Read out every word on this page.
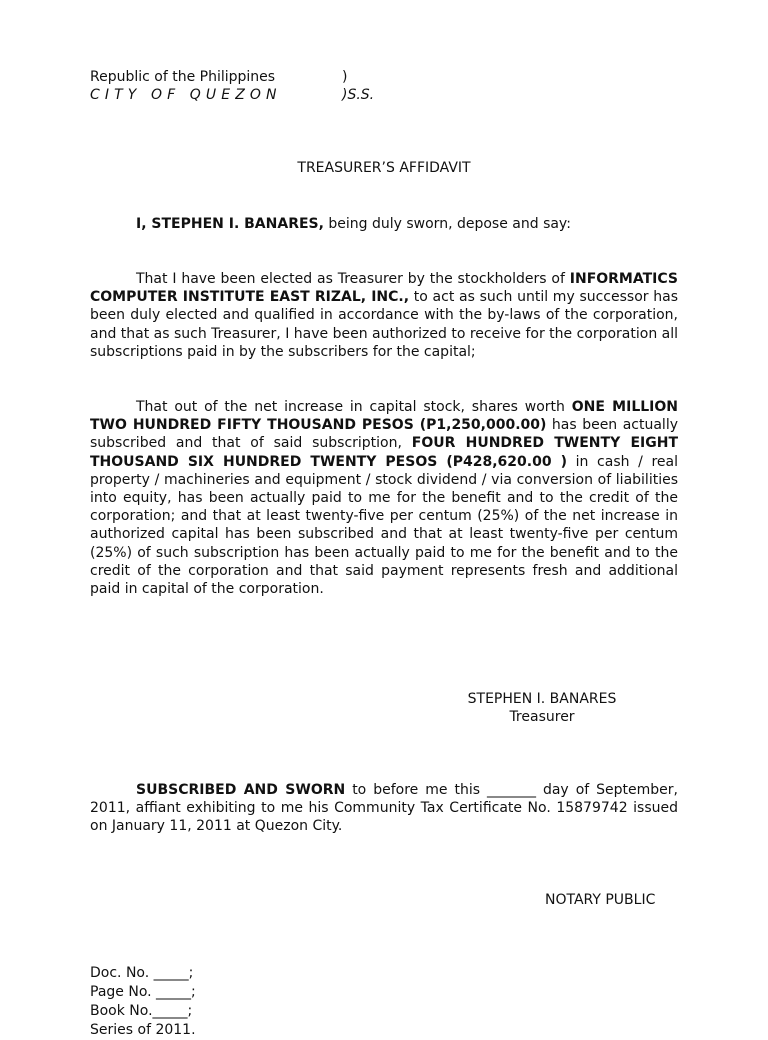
Republic of the Philippines	)
CITY OF QUEZON	)S.S.
TREASURER’S AFFIDAVIT

I, STEPHEN I. BANARES, being duly sworn, depose and say:

That I have been elected as Treasurer by the stockholders of INFORMATICS COMPUTER INSTITUTE EAST RIZAL, INC., to act as such until my successor has been duly elected and qualified in accordance with the by-laws of the corporation, and that as such Treasurer, I have been authorized to receive for the corporation all subscriptions paid in by the subscribers for the capital;

That out of the net increase in capital stock, shares worth ONE MILLION TWO HUNDRED FIFTY THOUSAND PESOS (P1,250,000.00) has been actually subscribed and that of said subscription, FOUR HUNDRED TWENTY EIGHT THOUSAND SIX HUNDRED TWENTY PESOS (P428,620.00 ) in cash / real property / machineries and equipment / stock dividend / via conversion of liabilities into equity, has been actually paid to me for the benefit and to the credit of the corporation; and that at least twenty-five per centum (25%) of the net increase in authorized capital has been subscribed and that at least twenty-five per centum (25%) of such subscription has been actually paid to me for the benefit and to the credit of the corporation and that said payment represents fresh and additional paid in capital of the corporation.

STEPHEN I. BANARES
Treasurer

SUBSCRIBED AND SWORN to before me this _______ day of September, 2011, affiant exhibiting to me his Community Tax Certificate No. 15879742 issued on January 11, 2011 at Quezon City.

NOTARY PUBLIC
Doc. No. _____;
Page No. _____;
Book No._____;
Series of 2011.
